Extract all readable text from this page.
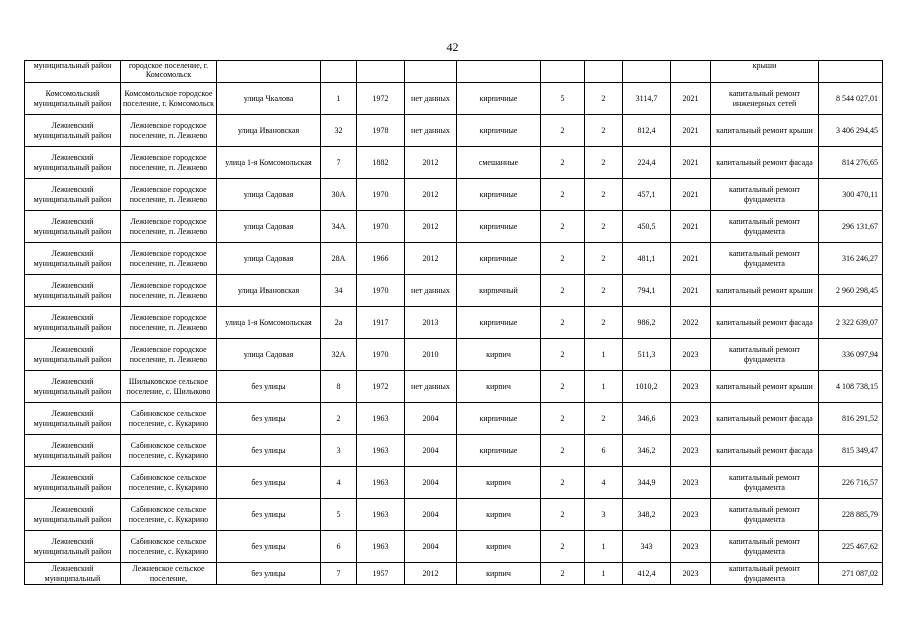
42
муниципальный район	городское поселение, г. Комсомольск										крыши	
Комсомольский муниципальный район	Комсомольское городское поселение, г. Комсомольск	улица Чкалова	1	1972	нет данных	кирпичные	5	2	3114,7	2021	капитальный ремонт инженерных сетей	8 544 027,01
Лежневский муниципальный район	Лежневское городское поселение, п. Лежнево	улица Ивановская	32	1978	нет данных	кирпичные	2	2	812,4	2021	капитальный ремонт крыши	3 406 294,45
Лежневский муниципальный район	Лежневское городское поселение, п. Лежнево	улица 1-я Комсомольская	7	1882	2012	смешанные	2	2	224,4	2021	капитальный ремонт фасада	814 276,65
Лежневский муниципальный район	Лежневское городское поселение, п. Лежнево	улица Садовая	30А	1970	2012	кирпичные	2	2	457,1	2021	капитальный ремонт фундамента	300 470,11
Лежневский муниципальный район	Лежневское городское поселение, п. Лежнево	улица Садовая	34А	1970	2012	кирпичные	2	2	450,5	2021	капитальный ремонт фундамента	296 131,67
Лежневский муниципальный район	Лежневское городское поселение, п. Лежнево	улица Садовая	28А	1966	2012	кирпичные	2	2	481,1	2021	капитальный ремонт фундамента	316 246,27
Лежневский муниципальный район	Лежневское городское поселение, п. Лежнево	улица Ивановская	34	1970	нет данных	кирпичный	2	2	794,1	2021	капитальный ремонт крыши	2 960 298,45
Лежневский муниципальный район	Лежневское городское поселение, п. Лежнево	улица 1-я Комсомольская	2а	1917	2013	кирпичные	2	2	986,2	2022	капитальный ремонт фасада	2 322 639,07
Лежневский муниципальный район	Лежневское городское поселение, п. Лежнево	улица Садовая	32А	1970	2010	кирпич	2	1	511,3	2023	капитальный ремонт фундамента	336 097,94
Лежневский муниципальный район	Шилыковское сельское поселение, с. Шилыково	без улицы	8	1972	нет данных	кирпич	2	1	1010,2	2023	капитальный ремонт крыши	4 108 738,15
Лежневский муниципальный район	Сабиновское сельское поселение, с. Кукарино	без улицы	2	1963	2004	кирпичные	2	2	346,6	2023	капитальный ремонт фасада	816 291,52
Лежневский муниципальный район	Сабиновское сельское поселение, с. Кукарино	без улицы	3	1963	2004	кирпичные	2	6	346,2	2023	капитальный ремонт фасада	815 349,47
Лежневский муниципальный район	Сабиновское сельское поселение, с. Кукарино	без улицы	4	1963	2004	кирпич	2	4	344,9	2023	капитальный ремонт фундамента	226 716,57
Лежневский муниципальный район	Сабиновское сельское поселение, с. Кукарино	без улицы	5	1963	2004	кирпич	2	3	348,2	2023	капитальный ремонт фундамента	228 885,79
Лежневский муниципальный район	Сабиновское сельское поселение, с. Кукарино	без улицы	6	1963	2004	кирпич	2	1	343	2023	капитальный ремонт фундамента	225 467,62
Лежневский муниципальный	Лежневское сельское поселение,	без улицы	7	1957	2012	кирпич	2	1	412,4	2023	капитальный ремонт фундамента	271 087,02
